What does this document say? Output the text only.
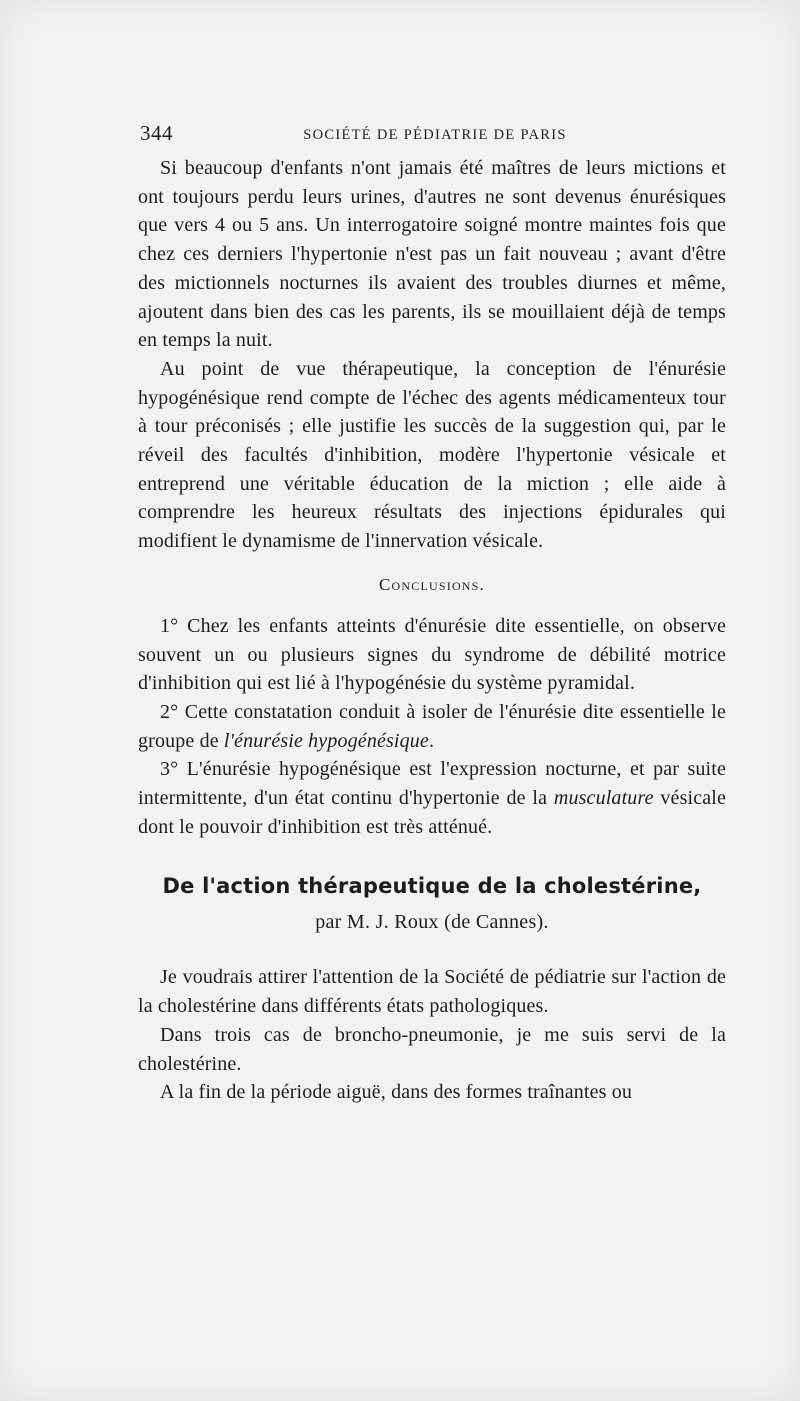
344	SOCIÉTÉ DE PÉDIATRIE DE PARIS

Si beaucoup d'enfants n'ont jamais été maîtres de leurs mictions et ont toujours perdu leurs urines, d'autres ne sont devenus énurésiques que vers 4 ou 5 ans. Un interrogatoire soigné montre maintes fois que chez ces derniers l'hypertonie n'est pas un fait nouveau ; avant d'être des mictionnels nocturnes ils avaient des troubles diurnes et même, ajoutent dans bien des cas les parents, ils se mouillaient déjà de temps en temps la nuit.

Au point de vue thérapeutique, la conception de l'énurésie hypogénésique rend compte de l'échec des agents médicamenteux tour à tour préconisés ; elle justifie les succès de la suggestion qui, par le réveil des facultés d'inhibition, modère l'hypertonie vésicale et entreprend une véritable éducation de la miction ; elle aide à comprendre les heureux résultats des injections épidurales qui modifient le dynamisme de l'innervation vésicale.

Conclusions.

1° Chez les enfants atteints d'énurésie dite essentielle, on observe souvent un ou plusieurs signes du syndrome de débilité motrice d'inhibition qui est lié à l'hypogénésie du système pyramidal.

2° Cette constatation conduit à isoler de l'énurésie dite essentielle le groupe de l'énurésie hypogénésique.

3° L'énurésie hypogénésique est l'expression nocturne, et par suite intermittente, d'un état continu d'hypertonie de la musculature vésicale dont le pouvoir d'inhibition est très atténué.

De l'action thérapeutique de la cholestérine,
par M. J. Roux (de Cannes).

Je voudrais attirer l'attention de la Société de pédiatrie sur l'action de la cholestérine dans différents états pathologiques.

Dans trois cas de broncho-pneumonie, je me suis servi de la cholestérine.

A la fin de la période aiguë, dans des formes traînantes ou
